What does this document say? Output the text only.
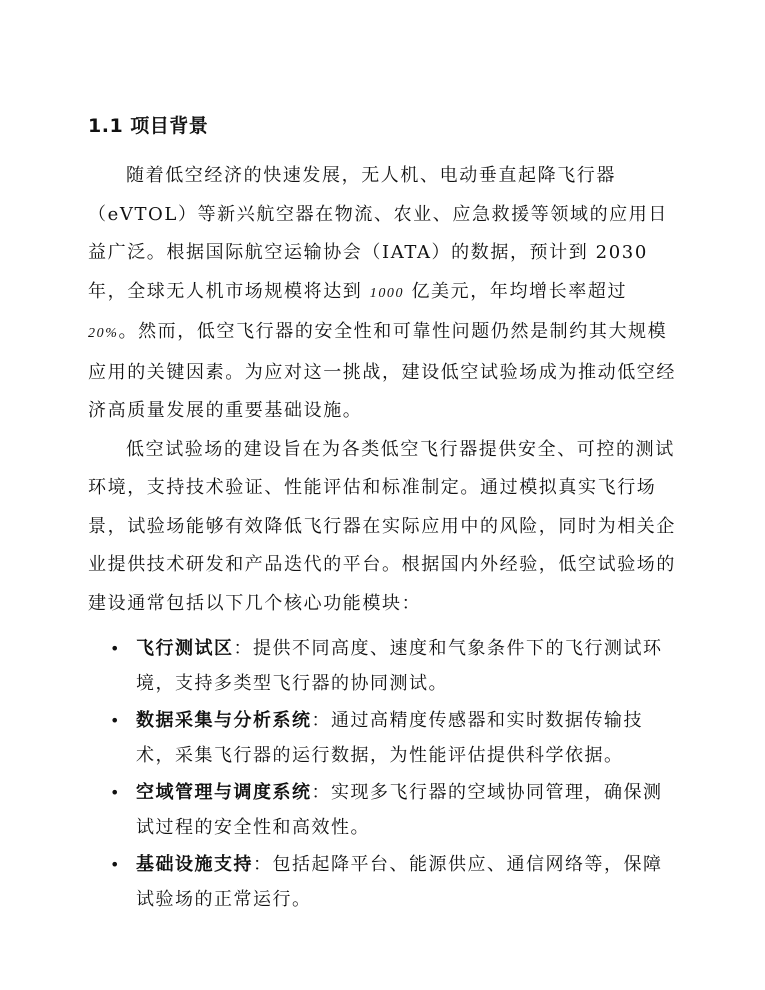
1.1 项目背景

随着低空经济的快速发展，无人机、电动垂直起降飞行器（eVTOL）等新兴航空器在物流、农业、应急救援等领域的应用日益广泛。根据国际航空运输协会（IATA）的数据，预计到 2030 年，全球无人机市场规模将达到 1000 亿美元，年均增长率超过 20%。然而，低空飞行器的安全性和可靠性问题仍然是制约其大规模应用的关键因素。为应对这一挑战，建设低空试验场成为推动低空经济高质量发展的重要基础设施。

低空试验场的建设旨在为各类低空飞行器提供安全、可控的测试环境，支持技术验证、性能评估和标准制定。通过模拟真实飞行场景，试验场能够有效降低飞行器在实际应用中的风险，同时为相关企业提供技术研发和产品迭代的平台。根据国内外经验，低空试验场的建设通常包括以下几个核心功能模块：

• 飞行测试区：提供不同高度、速度和气象条件下的飞行测试环境，支持多类型飞行器的协同测试。
• 数据采集与分析系统：通过高精度传感器和实时数据传输技术，采集飞行器的运行数据，为性能评估提供科学依据。
• 空域管理与调度系统：实现多飞行器的空域协同管理，确保测试过程的安全性和高效性。
• 基础设施支持：包括起降平台、能源供应、通信网络等，保障试验场的正常运行。
